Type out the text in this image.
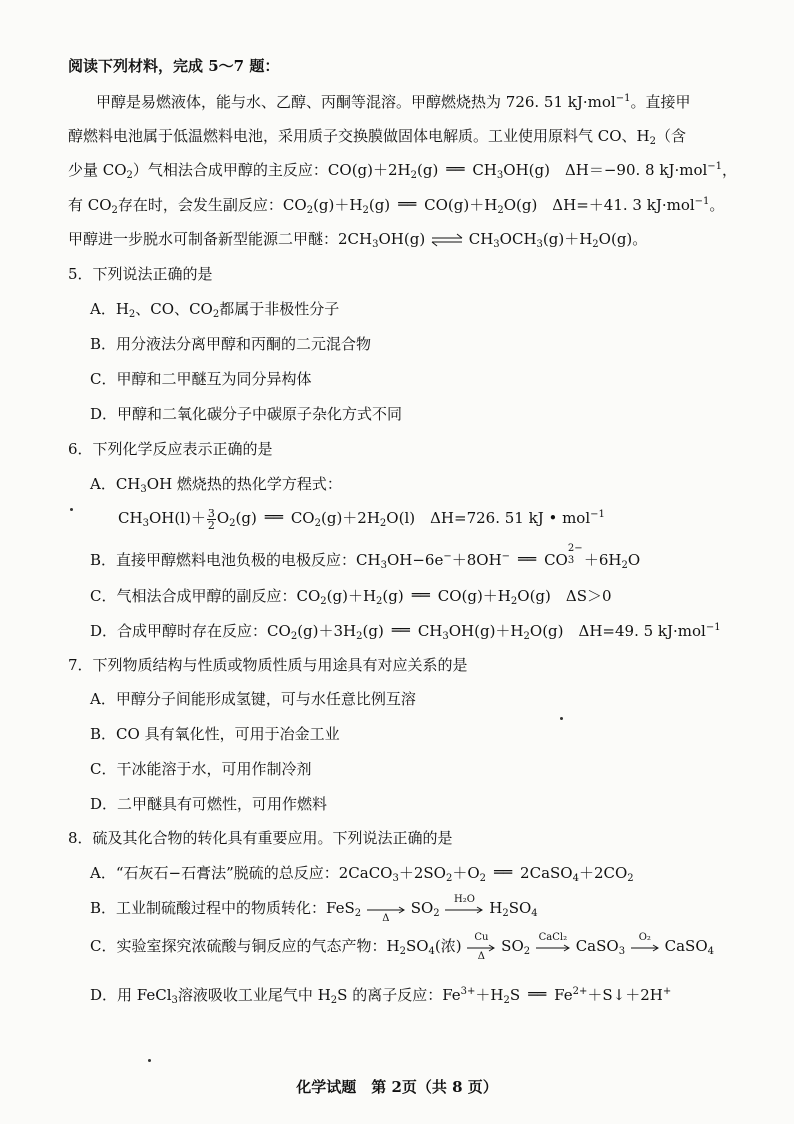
阅读下列材料，完成 5～7 题：
甲醇是易燃液体，能与水、乙醇、丙酮等混溶。甲醇燃烧热为 726. 51 kJ·mol$^{-1}$。直接甲
醇燃料电池属于低温燃料电池，采用质子交换膜做固体电解质。工业使用原料气 CO、$H_2$（含
少量 $CO_2$）气相法合成甲醇的主反应：$CO(g)+2H_2(g)$ ══ $CH_3OH(g)$　ΔH＝−90. 8 kJ·mol$^{-1}$，
有 $CO_2$存在时，会发生副反应：$CO_2(g)+H_2(g)$ ══ $CO(g)+H_2O(g)$　ΔH=＋41. 3 kJ·mol$^{-1}$。
甲醇进一步脱水可制备新型能源二甲醚：$2CH_3OH(g)$ ⇌ $CH_3OCH_3(g)+H_2O(g)$。
5．下列说法正确的是
A．$H_2$、CO、$CO_2$都属于非极性分子
B．用分液法分离甲醇和丙酮的二元混合物
C．甲醇和二甲醚互为同分异构体
D．甲醇和二氧化碳分子中碳原子杂化方式不同
6．下列化学反应表示正确的是
A．$CH_3OH$ 燃烧热的热化学方程式：
$CH_3OH(l)+ \frac{3}{2} O_2(g)$ ══ $CO_2(g)+2H_2O(l)$　ΔH=726. 51 kJ • mol$^{-1}$
B．直接甲醇燃料电池负极的电极反应：$CH_3OH-6e^-+8OH^-$ ══ CO
2−
$3 +6H_2O$
C．气相法合成甲醇的副反应：$CO_2(g)+H_2(g)$ ══ $CO(g)+H_2O(g)$　ΔS＞0
D．合成甲醇时存在反应：$CO_2(g)+3H_2(g)$ ══ $CH_3OH(g)+H_2O(g)$　ΔH=49. 5 kJ·mol$^{-1}$
7．下列物质结构与性质或物质性质与用途具有对应关系的是
A．甲醇分子间能形成氢键，可与水任意比例互溶
B．CO 具有氧化性，可用于冶金工业
C．干冰能溶于水，可用作制冷剂
D．二甲醚具有可燃性，可用作燃料
8．硫及其化合物的转化具有重要应用。下列说法正确的是
A．“石灰石−石膏法”脱硫的总反应：$2CaCO_3+2SO_2+O_2$ ══ $2CaSO_4+2CO_2$
B．工业制硫酸过程中的物质转化：FeS$_2$	Δ
$SO_2$
H₂O $H_2SO_4$
C．实验室探究浓硫酸与铜反应的气态产物：$H_2SO_4$(浓)	Cu
Δ
$SO_2$
CaCl₂ CaSO$_3$
O₂ CaSO$_4$
D．用 FeCl$_3$溶液吸收工业尾气中 $H_2S$ 的离子反应：$Fe^{3+}+H_2S$ ══ $Fe^{2+}+S↓+2H^+$
化学试题　第 2页（共 8 页）
